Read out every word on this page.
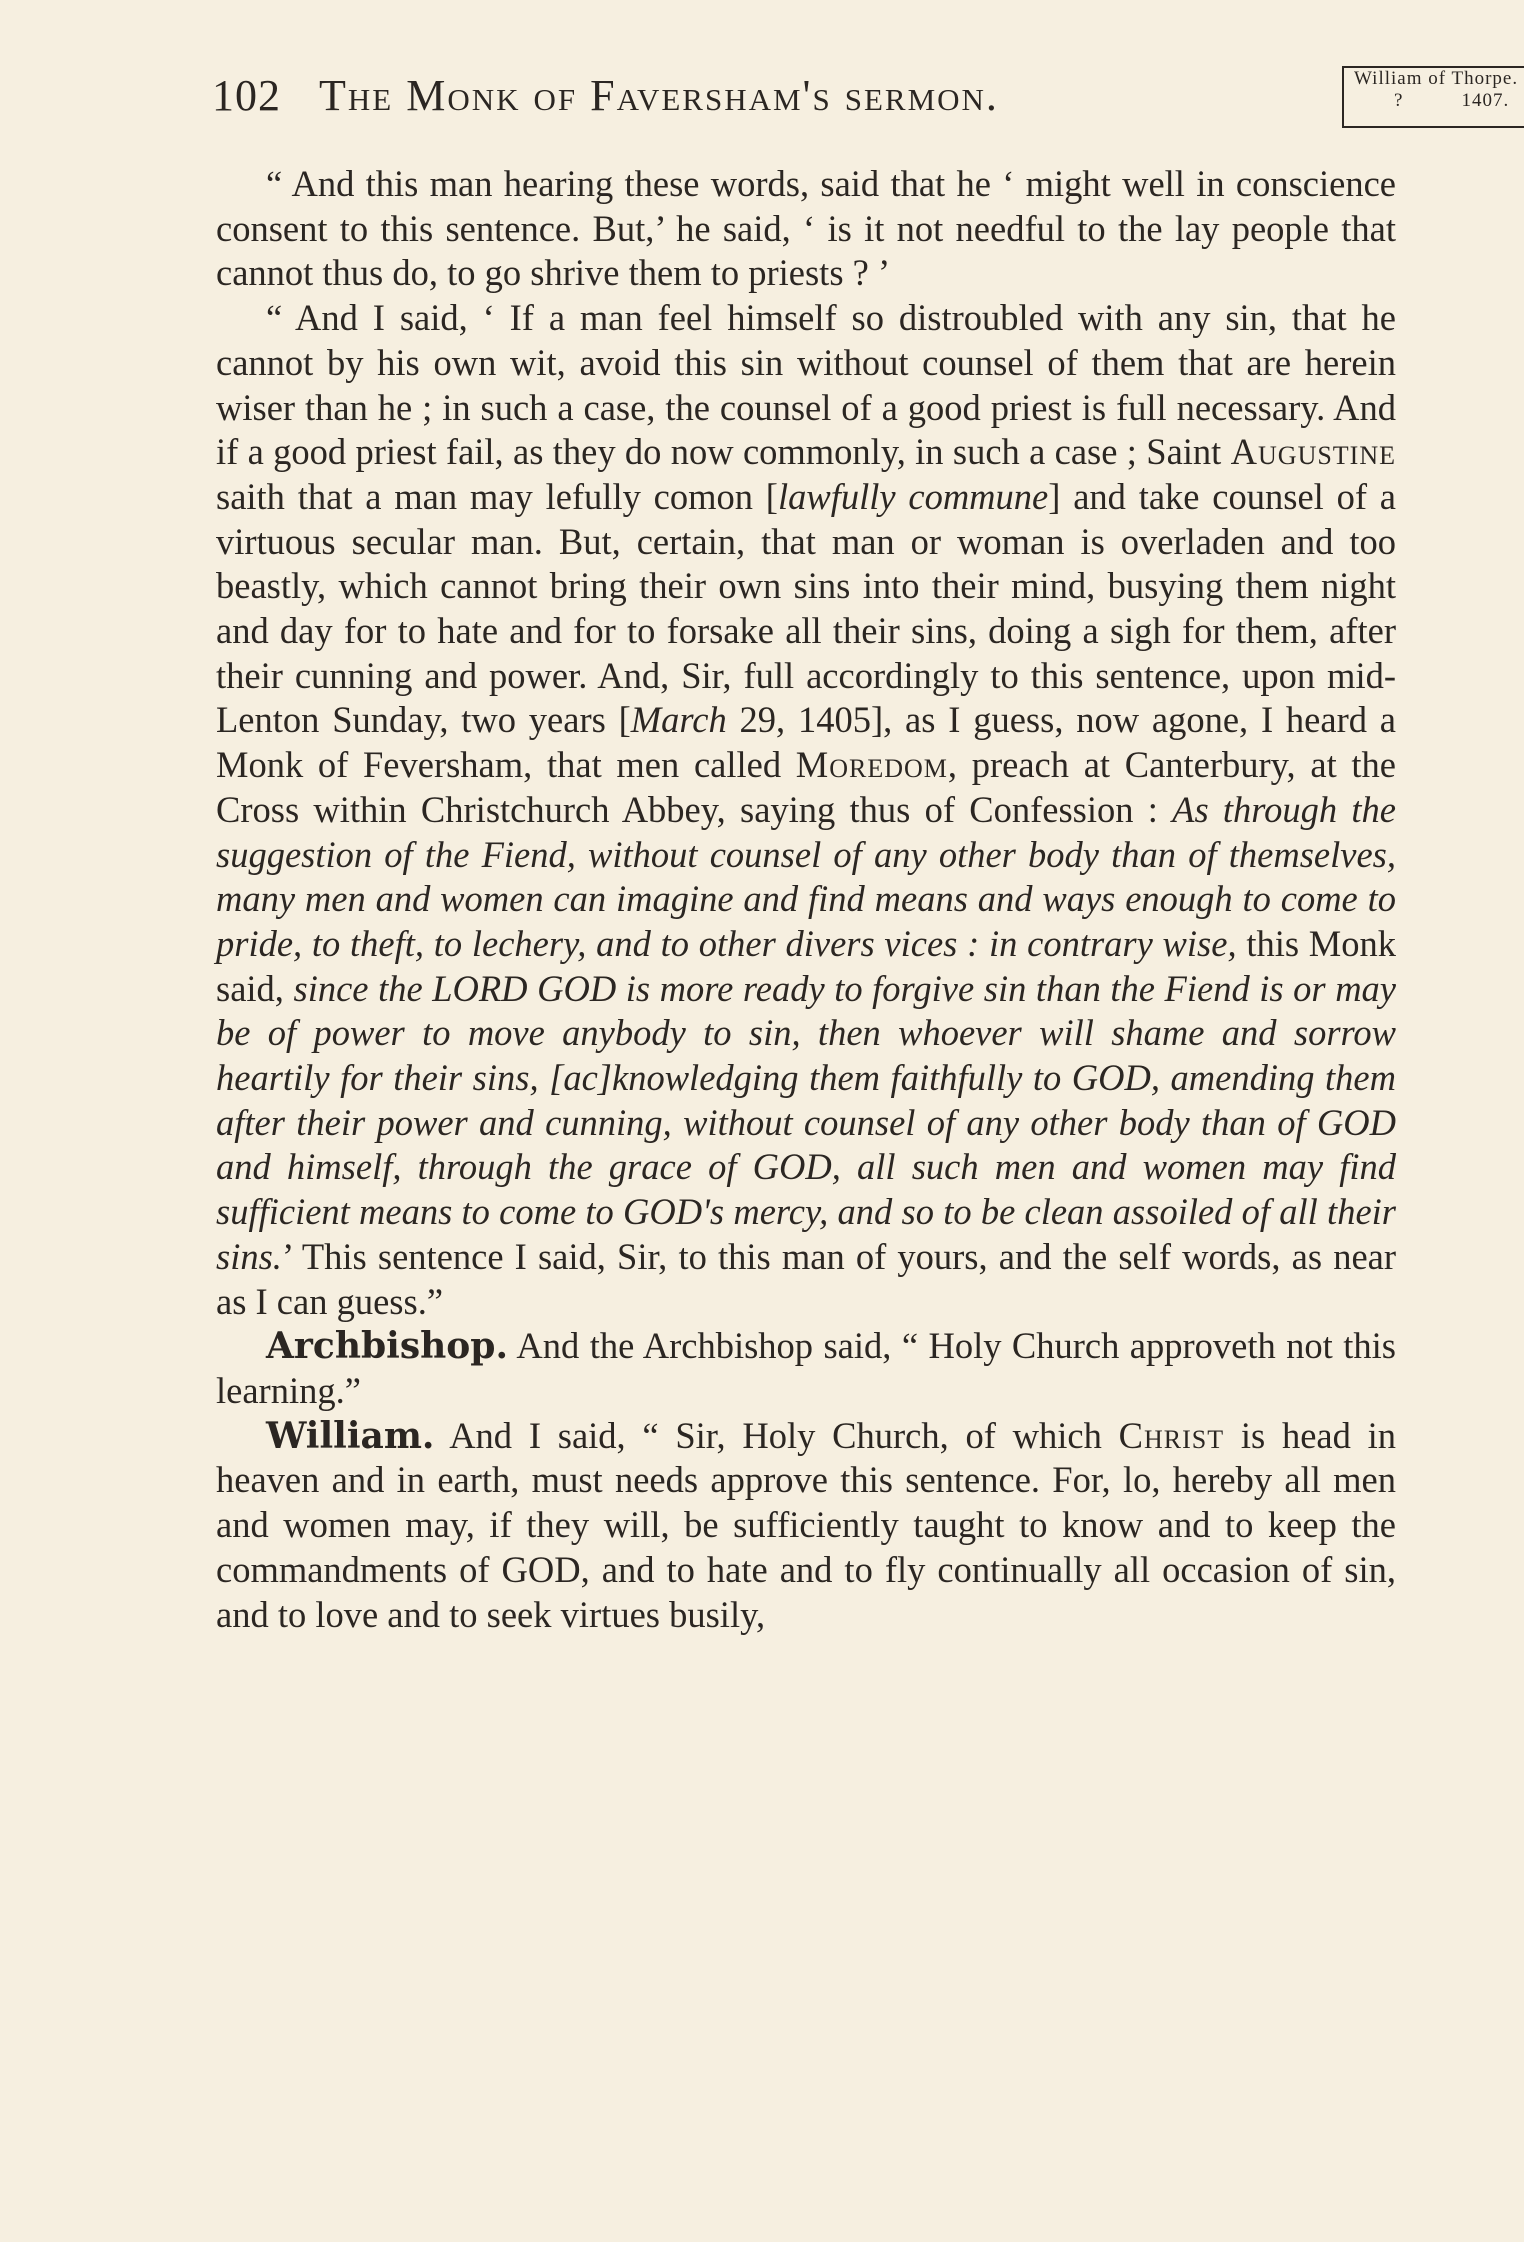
102 The Monk of Faversham's sermon.	William of Thorpe.
?	1407.

“ And this man hearing these words, said that he ‘ might well in conscience consent to this sentence. But,’ he said, ‘ is it not needful to the lay people that cannot thus do, to go shrive them to priests ? ’

“ And I said, ‘ If a man feel himself so distroubled with any sin, that he cannot by his own wit, avoid this sin without counsel of them that are herein wiser than he ; in such a case, the counsel of a good priest is full necessary. And if a good priest fail, as they do now commonly, in such a case ; Saint Augustine saith that a man may lefully comon [lawfully commune] and take counsel of a virtuous secular man. But, certain, that man or woman is overladen and too beastly, which cannot bring their own sins into their mind, busying them night and day for to hate and for to forsake all their sins, doing a sigh for them, after their cunning and power. And, Sir, full accordingly to this sentence, upon mid-Lenton Sunday, two years [March 29, 1405], as I guess, now agone, I heard a Monk of Feversham, that men called Moredom, preach at Canterbury, at the Cross within Christchurch Abbey, saying thus of Confession : As through the suggestion of the Fiend, without counsel of any other body than of themselves, many men and women can imagine and find means and ways enough to come to pride, to theft, to lechery, and to other divers vices : in contrary wise, this Monk said, since the LORD GOD is more ready to forgive sin than the Fiend is or may be of power to move anybody to sin, then whoever will shame and sorrow heartily for their sins, [ac]knowledging them faithfully to GOD, amending them after their power and cunning, without counsel of any other body than of GOD and himself, through the grace of GOD, all such men and women may find sufficient means to come to GOD's mercy, and so to be clean assoiled of all their sins.’ This sentence I said, Sir, to this man of yours, and the self words, as near as I can guess.”

Archbishop. And the Archbishop said, “ Holy Church approveth not this learning.”

William. And I said, “ Sir, Holy Church, of which Christ is head in heaven and in earth, must needs approve this sentence. For, lo, hereby all men and women may, if they will, be sufficiently taught to know and to keep the commandments of GOD, and to hate and to fly continually all occasion of sin, and to love and to seek virtues busily,
